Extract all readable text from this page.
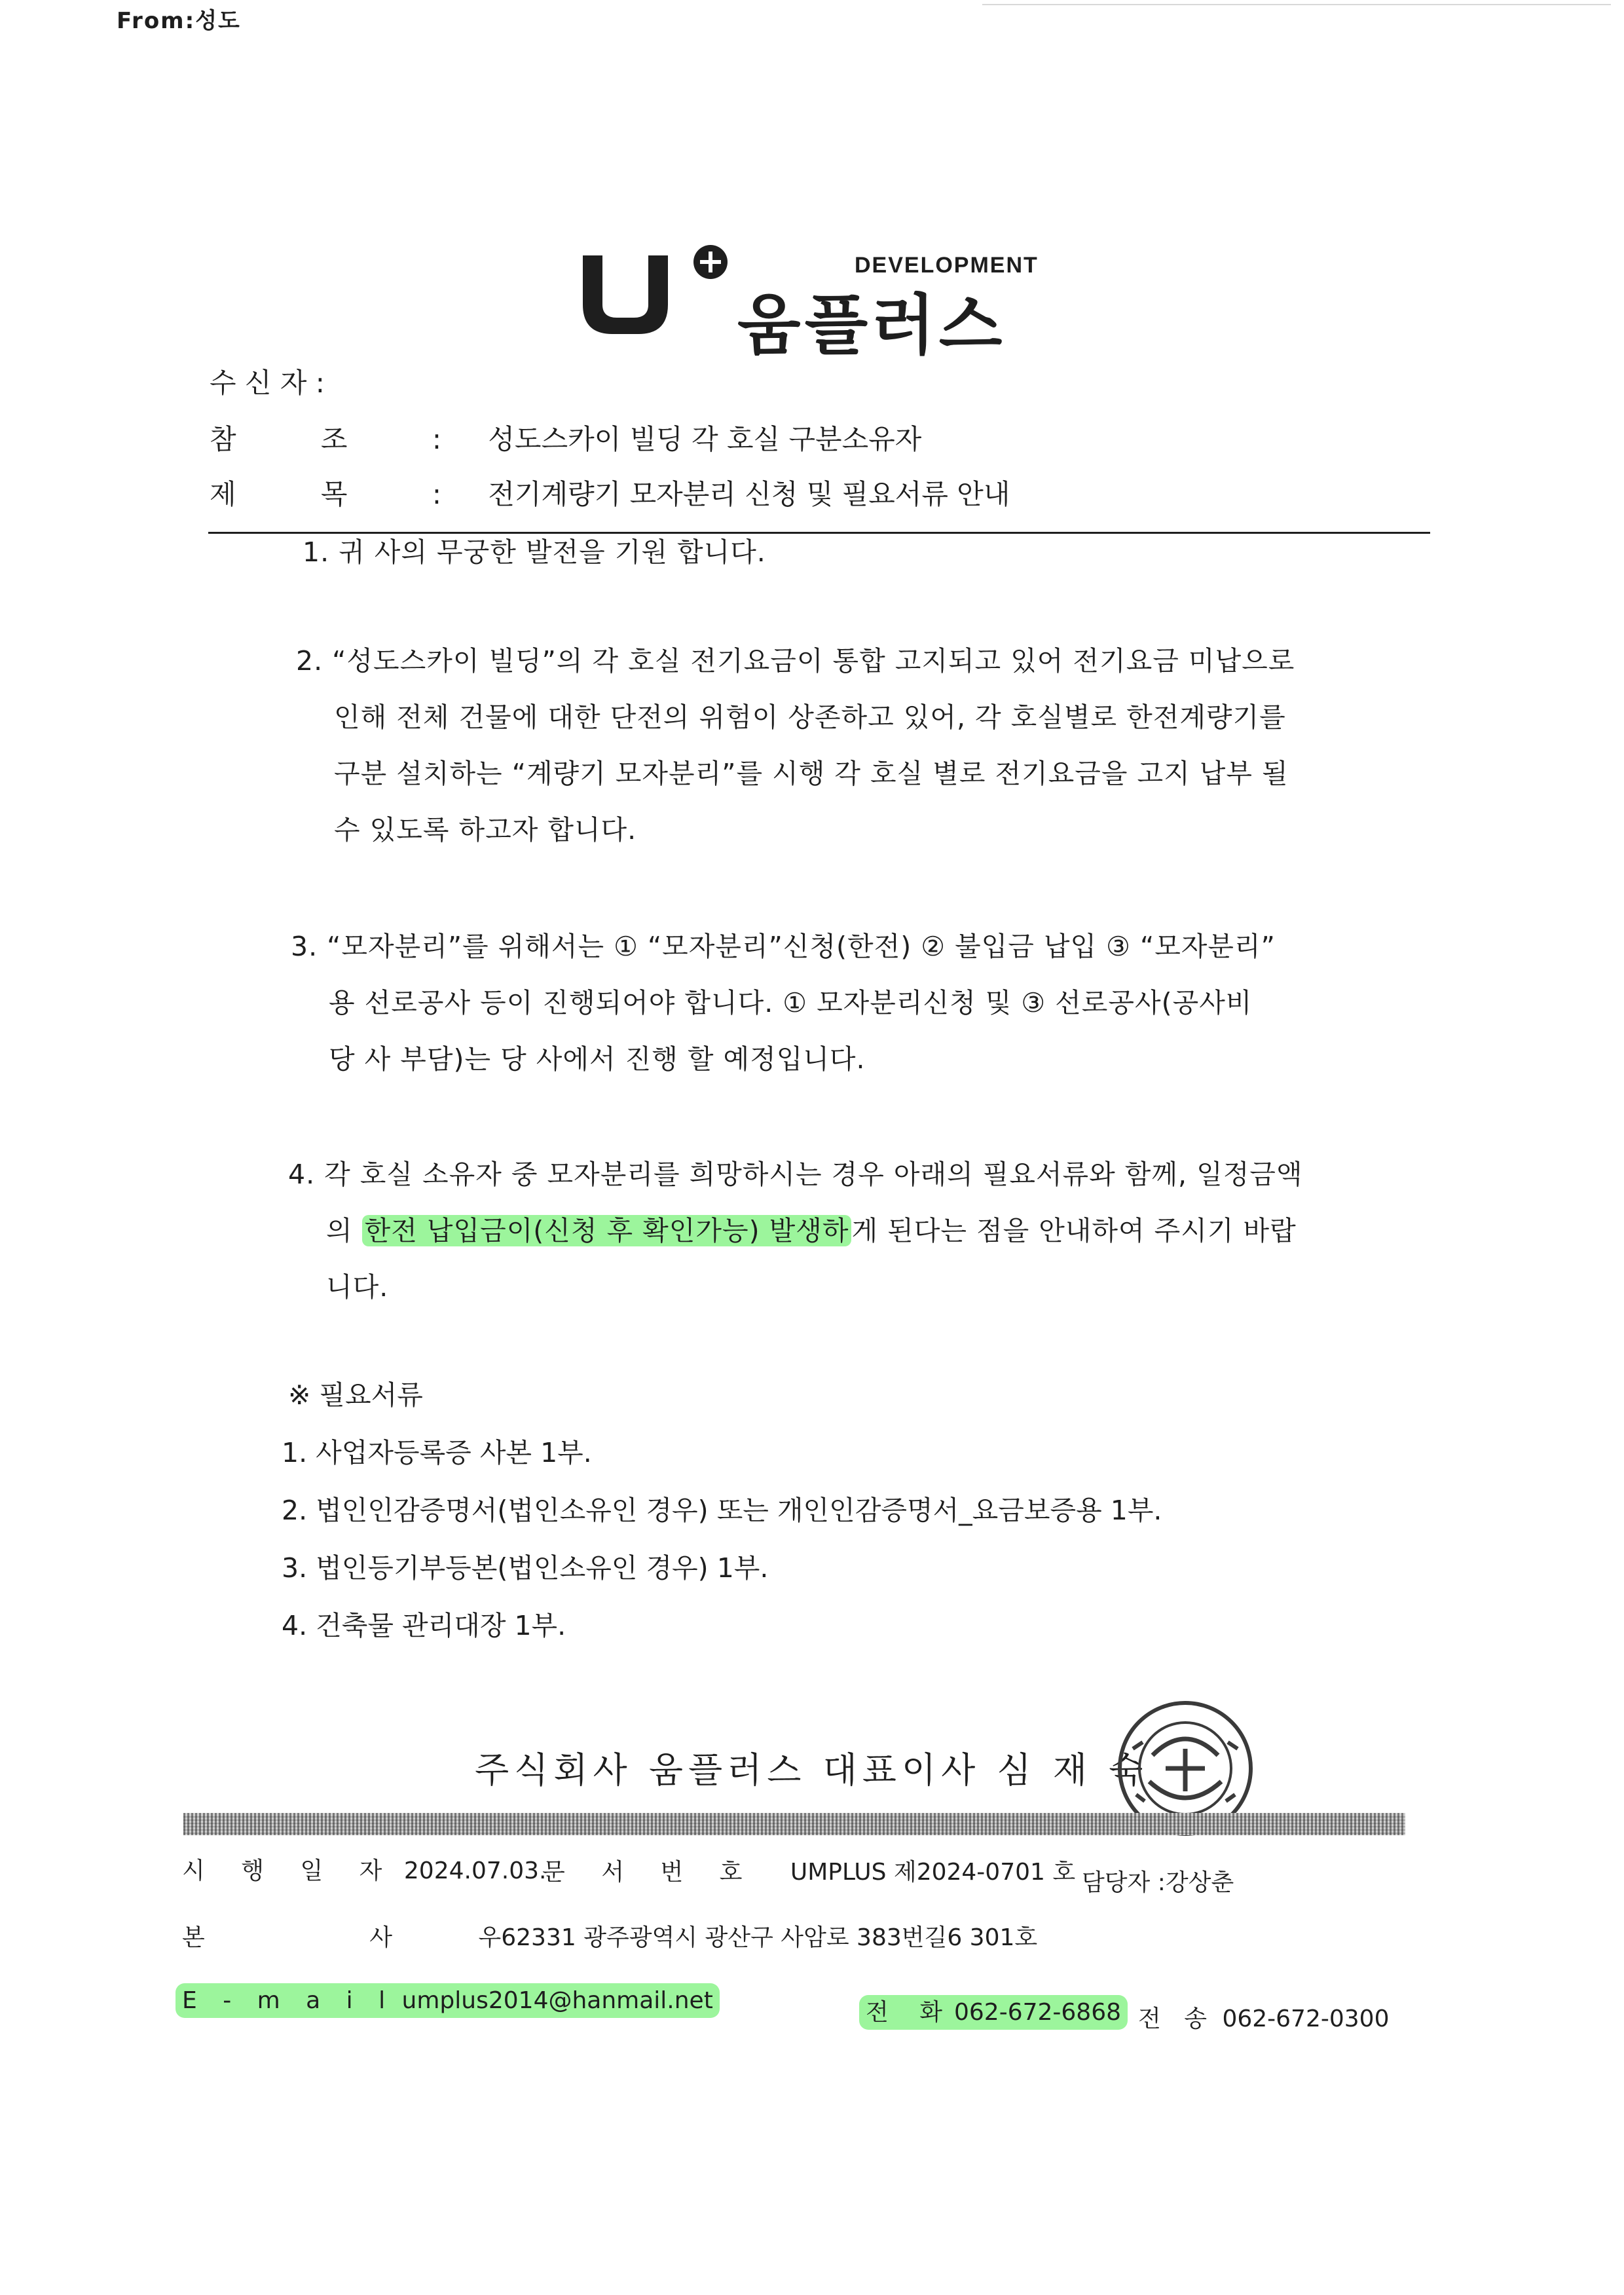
From:성도
DEVELOPMENT
움플러스
수 신 자 :
참 조 : 성도스카이 빌딩 각 호실 구분소유자
제 목 : 전기계량기 모자분리 신청 및 필요서류 안내
1. 귀 사의 무궁한 발전을 기원 합니다.
2. “성도스카이 빌딩”의 각 호실 전기요금이 통합 고지되고 있어 전기요금 미납으로
인해 전체 건물에 대한 단전의 위험이 상존하고 있어, 각 호실별로 한전계량기를
구분 설치하는 “계량기 모자분리”를 시행 각 호실 별로 전기요금을 고지 납부 될
수 있도록 하고자 합니다.
3. “모자분리”를 위해서는 ① “모자분리”신청(한전) ② 불입금 납입 ③ “모자분리”
용 선로공사 등이 진행되어야 합니다. ① 모자분리신청 및 ③ 선로공사(공사비
당 사 부담)는 당 사에서 진행 할 예정입니다.
4. 각 호실 소유자 중 모자분리를 희망하시는 경우 아래의 필요서류와 함께, 일정금액
의 한전 납입금이(신청 후 확인가능) 발생하게 된다는 점을 안내하여 주시기 바랍
니다.
※ 필요서류
1. 사업자등록증 사본 1부.
2. 법인인감증명서(법인소유인 경우) 또는 개인인감증명서_요금보증용 1부.
3. 법인등기부등본(법인소유인 경우) 1부.
4. 건축물 관리대장 1부.
주식회사 움플러스 대표이사 심 재 숙
시 행 일 자 2024.07.03.
문 서 번 호 UMPLUS 제2024-0701 호 담당자 :강상춘
본 사 우62331 광주광역시 광산구 사암로 383번길6 301호
E - m a i l umplus2014@hanmail.net	전 화062-672-6868 전 송 062-672-0300
